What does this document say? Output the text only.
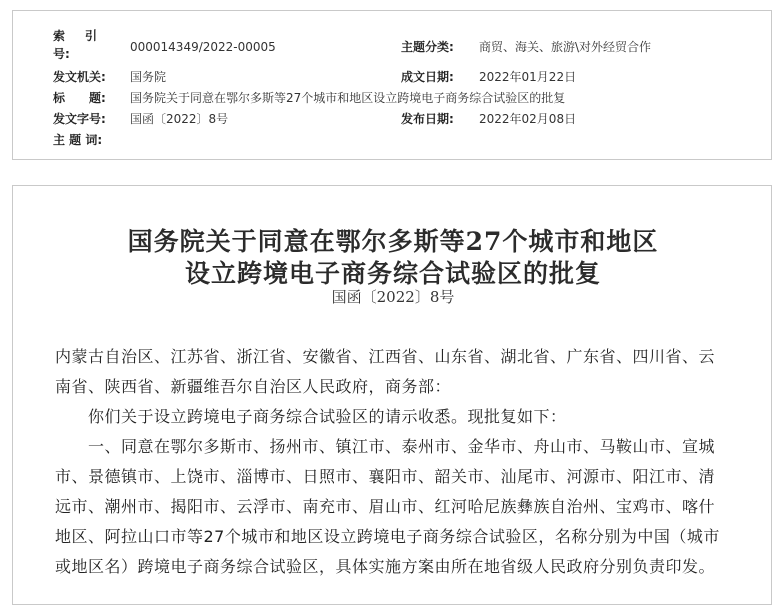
索　引
号:	000014349/2022-00005	主题分类: 商贸、海关、旅游\对外经贸合作
发文机关: 国务院	成文日期: 2022年01月22日
标　　题: 国务院关于同意在鄂尔多斯等27个城市和地区设立跨境电子商务综合试验区的批复
发文字号: 国函〔2022〕8号	发布日期: 2022年02月08日
主 题 词:
国务院关于同意在鄂尔多斯等27个城市和地区
设立跨境电子商务综合试验区的批复
国函〔2022〕8号
内蒙古自治区、江苏省、浙江省、安徽省、江西省、山东省、湖北省、广东省、四川省、云
南省、陕西省、新疆维吾尔自治区人民政府，商务部：
　　你们关于设立跨境电子商务综合试验区的请示收悉。现批复如下：
　　一、同意在鄂尔多斯市、扬州市、镇江市、泰州市、金华市、舟山市、马鞍山市、宣城
市、景德镇市、上饶市、淄博市、日照市、襄阳市、韶关市、汕尾市、河源市、阳江市、清
远市、潮州市、揭阳市、云浮市、南充市、眉山市、红河哈尼族彝族自治州、宝鸡市、喀什
地区、阿拉山口市等27个城市和地区设立跨境电子商务综合试验区，名称分别为中国（城市
或地区名）跨境电子商务综合试验区，具体实施方案由所在地省级人民政府分别负责印发。
